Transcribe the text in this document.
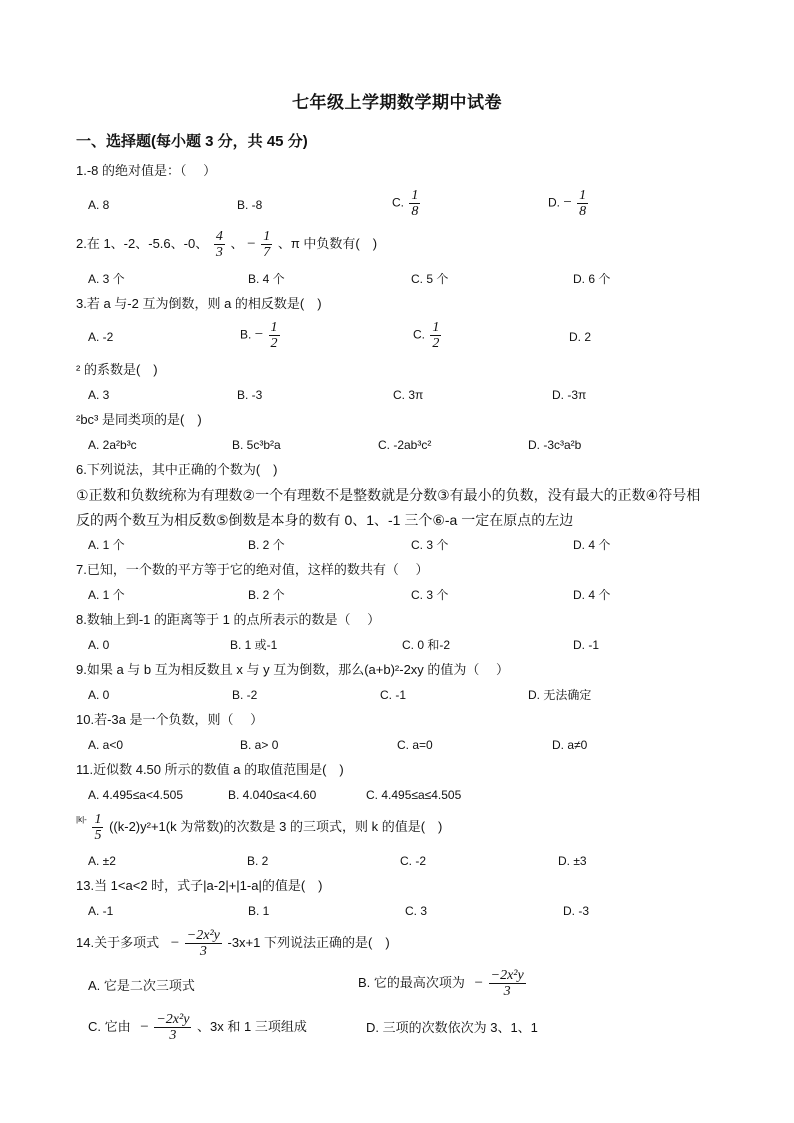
七年级上学期数学期中试卷
一、选择题(每小题 3 分，共 45 分)
1.-8 的绝对值是：（　 ）
A. 8	B. -8	C. $\frac{1}{8}$	D. − $\frac{1}{8}$
2.在 1、-2、-5.6、-0、 $\frac{4}{3}$ 、 − $\frac{1}{7}$ 、π 中负数有(　)
A. 3 个	B. 4 个	C. 5 个	D. 6 个
3.若 a 与-2 互为倒数，则 a 的相反数是(　)
A. -2	B. − $\frac{1}{2}$	C. $\frac{1}{2}$	D. 2
² 的系数是(　)
A. 3	B. -3	C. 3π	D. -3π
²bc³ 是同类项的是(　)
A. 2a²b³c	B. 5c³b²a	C. -2ab³c²	D. -3c³a²b
6.下列说法，其中正确的个数为(　)
①正数和负数统称为有理数②一个有理数不是整数就是分数③有最小的负数，没有最大的正数④符号相
反的两个数互为相反数⑤倒数是本身的数有 0、1、-1 三个⑥-a 一定在原点的左边
A. 1 个	B. 2 个	C. 3 个	D. 4 个
7.已知，一个数的平方等于它的绝对值，这样的数共有（　 ）
A. 1 个	B. 2 个	C. 3 个	D. 4 个
8.数轴上到-1 的距离等于 1 的点所表示的数是（　 ）
A. 0	B. 1 或-1	C. 0 和-2	D. -1
9.如果 a 与 b 互为相反数且 x 与 y 互为倒数，那么(a+b)²-2xy 的值为（　 ）
A. 0	B. -2	C. -1	D. 无法确定
10.若-3a 是一个负数，则（　 ）
A. a<0	B. a> 0	C. a=0	D. a≠0
11.近似数 4.50 所示的数值 a 的取值范围是(　)
A. 4.495≤a<4.505	B. 4.040≤a<4.60	C. 4.495≤a≤4.505
$^{|k|-} \frac{1}{5} ((k-2)y^2+1(k$ 为常数)的次数是 3 的三项式，则 k 的值是(　)
A. ±2	B. 2	C. -2	D. ±3
13.当 1<a<2 时，式子|a-2|+|1-a|的值是(　)
A. -1	B. 1	C. 3	D. -3
14.关于多项式 − $\frac{\text{−2x²y}}{3} -3x+1$ 下列说法正确的是(　)
A. 它是二次三项式	B. 它的最高次项为 − $\frac{\text{−2x²y}}{3}$
C. 它由 − $\frac{\text{−2x²y}}{3}$ 、3x 和 1 三项组成	D. 三项的次数依次为 3、1、1
